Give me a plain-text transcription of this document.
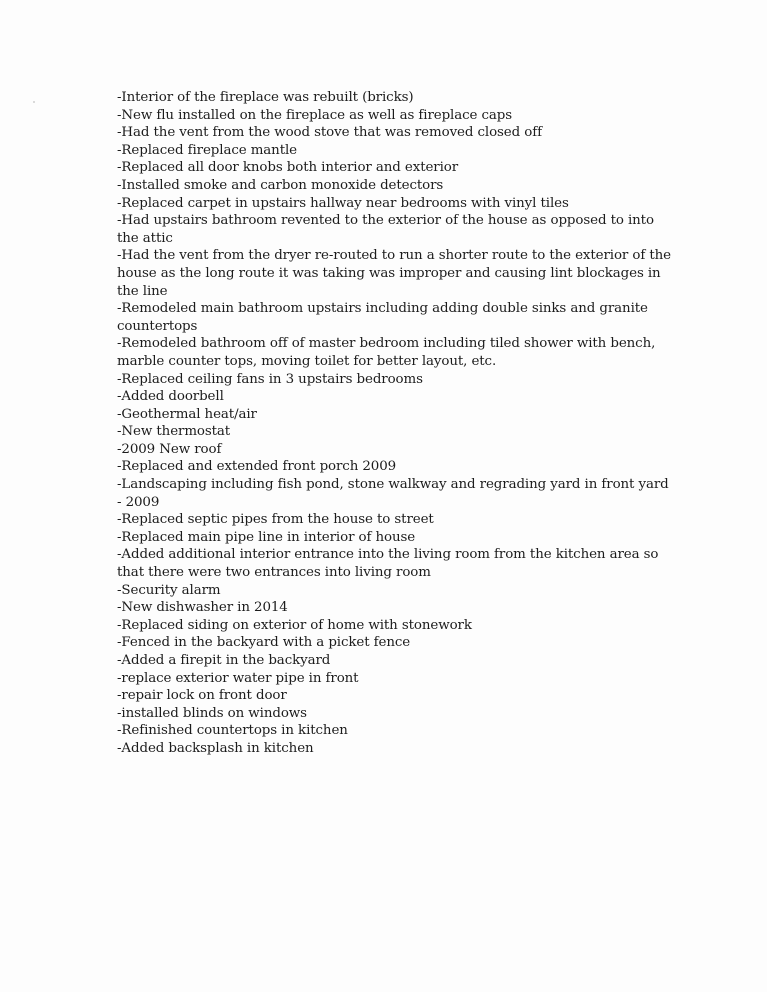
-Interior of the fireplace was rebuilt (bricks)
-New flu installed on the fireplace as well as fireplace caps
-Had the vent from the wood stove that was removed closed off
-Replaced fireplace mantle
-Replaced all door knobs both interior and exterior
-Installed smoke and carbon monoxide detectors
-Replaced carpet in upstairs hallway near bedrooms with vinyl tiles
-Had upstairs bathroom revented to the exterior of the house as opposed to into the attic
-Had the vent from the dryer re-routed to run a shorter route to the exterior of the house as the long route it was taking was improper and causing lint blockages in the line
-Remodeled main bathroom upstairs including adding double sinks and granite countertops
-Remodeled bathroom off of master bedroom including tiled shower with bench, marble counter tops, moving toilet for better layout, etc.
-Replaced ceiling fans in 3 upstairs bedrooms
-Added doorbell
-Geothermal heat/air
-New thermostat
-2009 New roof
-Replaced and extended front porch 2009
-Landscaping including fish pond, stone walkway and regrading yard in front yard - 2009
-Replaced septic pipes from the house to street
-Replaced main pipe line in interior of house
-Added additional interior entrance into the living room from the kitchen area so that there were two entrances into living room
-Security alarm
-New dishwasher in 2014
-Replaced siding on exterior of home with stonework
-Fenced in the backyard with a picket fence
-Added a firepit in the backyard
-replace exterior water pipe in front
-repair lock on front door
-installed blinds on windows
-Refinished countertops in kitchen
-Added backsplash in kitchen
